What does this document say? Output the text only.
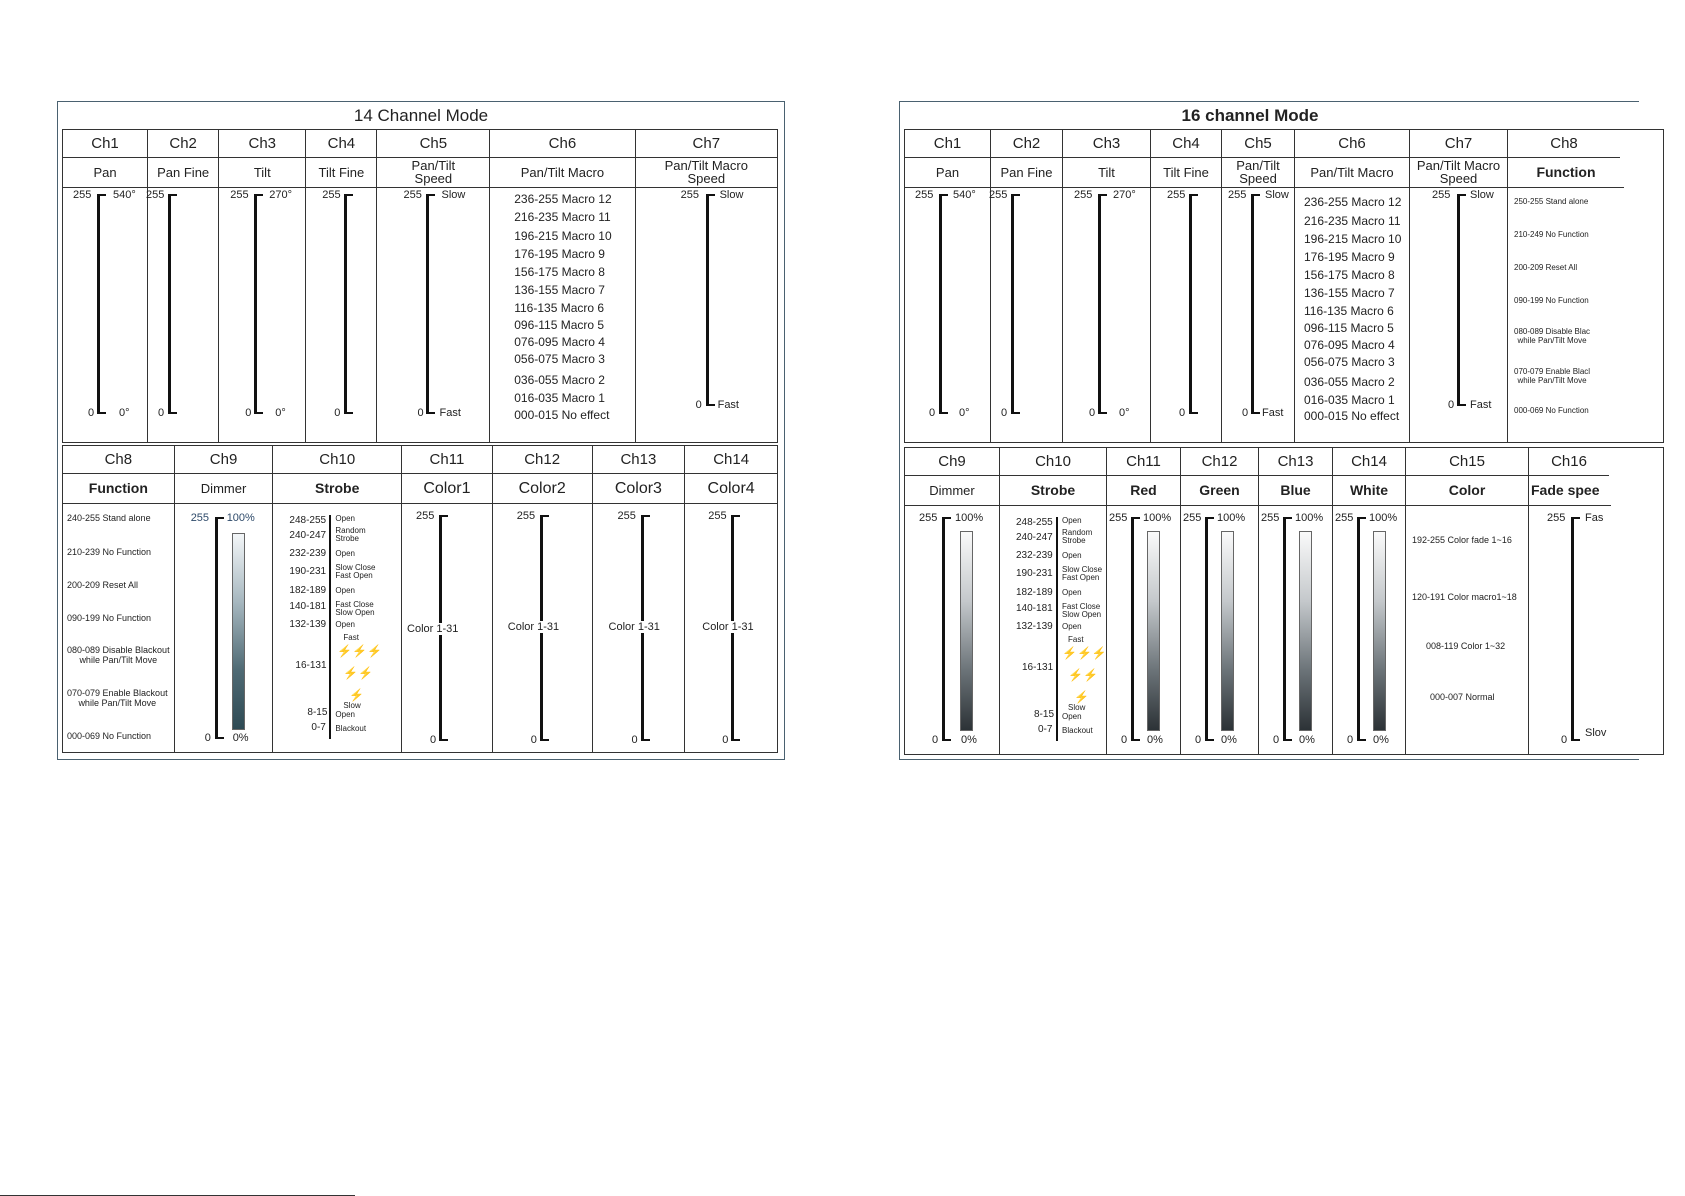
14 Channel Mode
Ch1
Pan
255 540°
0 0°
Ch2
Pan Fine
255
0
Ch3
Tilt
255 270°
0 0°
Ch4
Tilt Fine
255
0
Ch5
Pan/Tilt
Speed
255 Slow
0 Fast
Ch6
Pan/Tilt Macro
236-255 Macro 12
216-235 Macro 11
196-215 Macro 10
176-195 Macro 9
156-175 Macro 8
136-155 Macro 7
116-135 Macro 6
096-115 Macro 5
076-095 Macro 4
056-075 Macro 3
036-055 Macro 2
016-035 Macro 1
000-015 No effect
Ch7
Pan/Tilt Macro
Speed
255 Slow
0 Fast
Ch8
Function
240-255 Stand alone
210-239 No Function
200-209 Reset All
090-199 No Function
080-089 Disable Blackout
while Pan/Tilt Move
070-079 Enable Blackout
while Pan/Tilt Move
000-069 No Function
Ch9
Dimmer
255 100%
0 0%
Ch10
Strobe
248-255
240-247
232-239
190-231
182-189
140-181
132-139
16-131
8-15
0-7
Open
Random
Strobe
Open
Slow Close
Fast Open
Open
Fast Close
Slow Open
Open
Fast
⚡⚡⚡
⚡⚡
⚡
Slow
Open
Blackout
Ch11
Color1
255
Color 1-31
0
Ch12
Color2
255
Color 1-31
0
Ch13
Color3
255
Color 1-31
0
Ch14
Color4
255
Color 1-31
0
16 channel Mode
Ch1
Pan
255 540°
0 0°
Ch2
Pan Fine
255
0
Ch3
Tilt
255 270°
0 0°
Ch4
Tilt Fine
255
0
Ch5
Pan/Tilt
Speed
255 Slow
0 Fast
Ch6
Pan/Tilt Macro
236-255 Macro 12
216-235 Macro 11
196-215 Macro 10
176-195 Macro 9
156-175 Macro 8
136-155 Macro 7
116-135 Macro 6
096-115 Macro 5
076-095 Macro 4
056-075 Macro 3
036-055 Macro 2
016-035 Macro 1
000-015 No effect
Ch7
Pan/Tilt Macro
Speed
255 Slow
0 Fast
Ch8
Function
250-255 Stand alone
210-249 No Function
200-209 Reset All
090-199 No Function
080-089 Disable Blac
while Pan/Tilt Move
070-079 Enable Blacl
while Pan/Tilt Move
000-069 No Function
Ch9
Dimmer
255 100%
0 0%
Ch10
Strobe
248-255
240-247
232-239
190-231
182-189
140-181
132-139
16-131
8-15
0-7
Open
Random
Strobe
Open
Slow Close
Fast Open
Open
Fast Close
Slow Open
Open
Fast
⚡⚡⚡
⚡⚡
⚡
Slow
Open
Blackout
Ch11
Red
255 100%
0 0%
Ch12
Green
255 100%
0 0%
Ch13
Blue
255 100%
0 0%
Ch14
White
255 100%
0 0%
Ch15
Color
192-255 Color fade 1~16
120-191 Color macro1~18
008-119 Color 1~32
000-007 Normal
Ch16
Fade spee
255 Fas
0
Slov
